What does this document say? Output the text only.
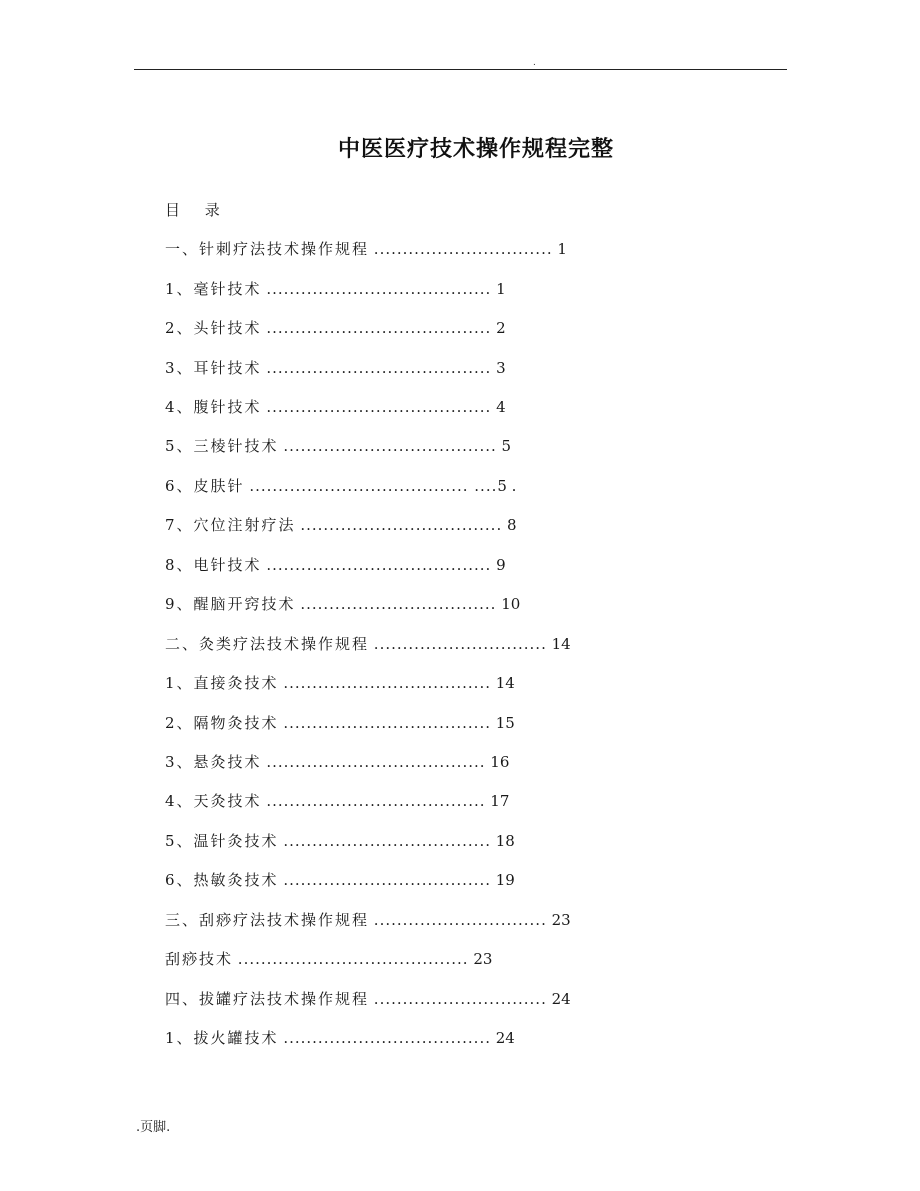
.
中医医疗技术操作规程完整
目 录
一、针刺疗法技术操作规程 ............................... 1
1、毫针技术 ....................................... 1
2、头针技术 ....................................... 2
3、耳针技术 ....................................... 3
4、腹针技术 ....................................... 4
5、三棱针技术 ..................................... 5
6、皮肤针 ...................................... ....5 .
7、穴位注射疗法 ................................... 8
8、电针技术 ....................................... 9
9、醒脑开窍技术 .................................. 10
二、灸类疗法技术操作规程 .............................. 14
1、直接灸技术 .................................... 14
2、隔物灸技术 .................................... 15
3、悬灸技术 ...................................... 16
4、天灸技术 ...................................... 17
5、温针灸技术 .................................... 18
6、热敏灸技术 .................................... 19
三、刮痧疗法技术操作规程 .............................. 23
刮痧技术 ........................................ 23
四、拔罐疗法技术操作规程 .............................. 24
1、拔火罐技术 .................................... 24
.页脚.
